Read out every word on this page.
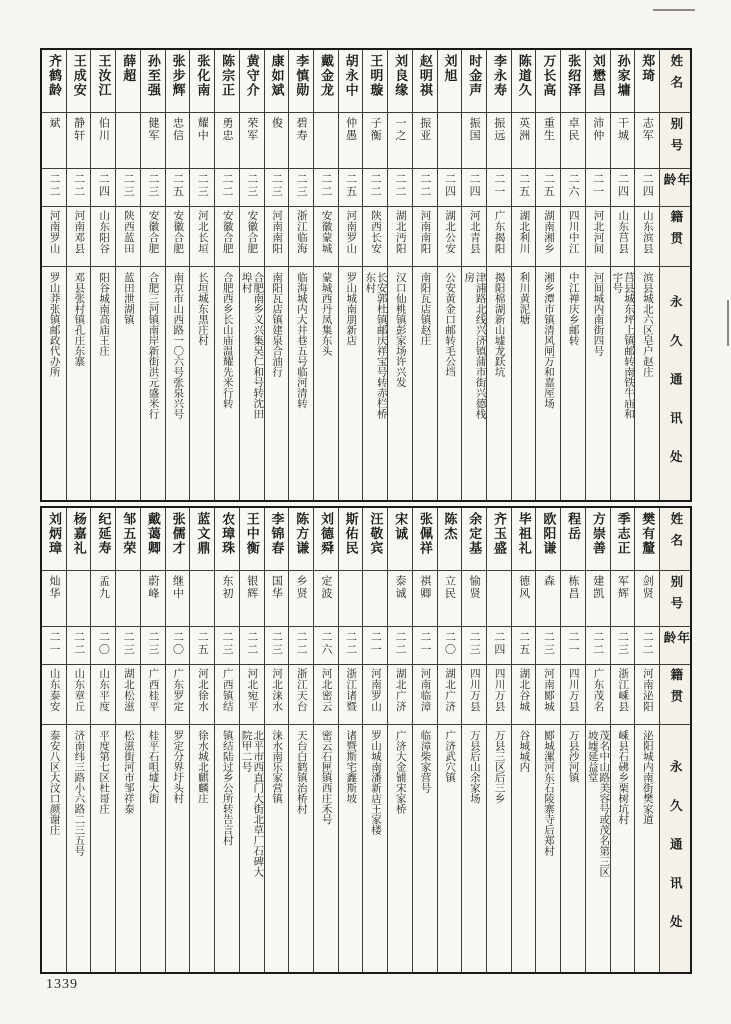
姓名
别号
年龄
籍贯
永久通讯处
郑琦
志军
二四
山东滨县
滨县城北六区皂户赵庄
孙家墉
干城
二四
山东莒县
莒县城东坪上镇邮转南铁牛庙和宇号
刘懋昌
沛仲
二一
河北河间
河间城内南街四号
张绍泽
卓民
二六
四川中江
中江禅庆乡邮转
万长高
重生
二五
湖南湘乡
湘乡潭市镇清风闸万和嘉厔场
陈道久
英洲
二五
湖北利川
利川黄泥塘
李永寿
振远
二一
广东揭阳
揭阳棉湖新山墟龙跃坑
时金声
振国
二四
河北青县
津浦路北线兴济镇蒲市街兴德栈房
刘旭
二四
湖北公安
公安黄金口邮转毛公垱
赵明祺
振亚
二二
河南南阳
南阳瓦店镇赵庄
刘良缘
一之
二二
湖北沔阳
汉口仙桃镇彭家场许兴发
王明璇
子衡
二二
陕西长安
长安郭杜镇邮庆祥宝号转赤栏桥东村
胡永中
仲愚
二五
河南罗山
罗山城南朋新店
戴金龙
二二
安徽蒙城
蒙城西丹凤集东头
李慎勋
碧寿
二三
浙江临海
临海城内大井巷五号临河清转
康如斌
俊
二三
河南南阳
南阳瓦店镇建泉合油行
黄守介
荣军
二三
安徽合肥
合肥南乡义兴集吴仁和号转沈田埠村
陈宗正
勇忠
二二
安徽合肥
合肥西乡长山庙温耀先米行转
张化南
耀中
二三
河北长垣
长垣城东黑庄村
张步辉
忠信
二五
安徽合肥
南京市山西路一〇六号张泉兴号
孙至强
健军
二三
安徽合肥
合肥三河镇南岸新街洪元盛米行
薛超
二三
陕西蓝田
蓝田泄湖镇
王汝江
伯川
二四
山东阳谷
阳谷城南高庙王庄
王成安
静轩
二二
河南邓县
邓县张村镇孔庄东寨
齐鹤龄
斌
二二
河南罗山
罗山莽张镇邮政代办所
姓名
别号
年龄
籍贯
永久通讯处
樊有釐
剑贤
二二
河南泌阳
泌阳城内南街樊家道
季志正
军辉
二三
浙江嵊县
嵊县石砩乡栗树坑村
方崇善
建凯
二二
广东茂名
茂名中山路美容号或茂名第三区坡墟延益堂
程岳
栋昌
二一
四川万县
万县沙河镇
欧阳谦
森
二三
河南郾城
郾城漯河东石陵寨寺后郑村
毕祖礼
德风
二五
湖北谷城
谷城城内
齐玉盛
二四
四川万县
万县三区后三乡
余定基
愉贤
二三
四川万县
万县后山余家场
陈杰
立民
二〇
湖北广济
广济武穴镇
张佩祥
祺卿
二一
河南临漳
临漳柴家营号
宋诚
泰诚
二二
湖北广济
广济大金铺宋家桥
汪敬宾
二一
河南罗山
罗山城南潘新店王家楼
斯佑民
二二
浙江诸暨
诸暨斯宅鑫斯坡
刘德舜
定波
二六
河北密云
密云石匣镇西庄禾号
陈方谦
乡贤
二二
浙江天台
天台白鹤镇治桥村
李锦春
国华
二三
河北涞水
涞水南乐家营镇
王中衡
银辉
二二
河北宛平
北平市西直门大街北草厂石碑大院甲二号
农璋珠
东初
二三
广西镇结
镇结陆过乡公所转告言村
蓝文鼎
二五
河北徐水
徐水城北麒麟庄
张儒才
继中
二〇
广东罗定
罗定分界圩头村
戴蔼卿
蔚峰
二三
广西桂平
桂平石咀墟大街
邹五荣
二三
湖北松滋
松滋街河市邹祥泰
纪延寿
孟九
二〇
山东平度
平度第七区杜哥庄
杨嘉礼
二二
山东章丘
济南纬三路小六路二三五号
刘炳璋
灿华
二一
山东泰安
泰安八区大汶口颜谢庄
1339
